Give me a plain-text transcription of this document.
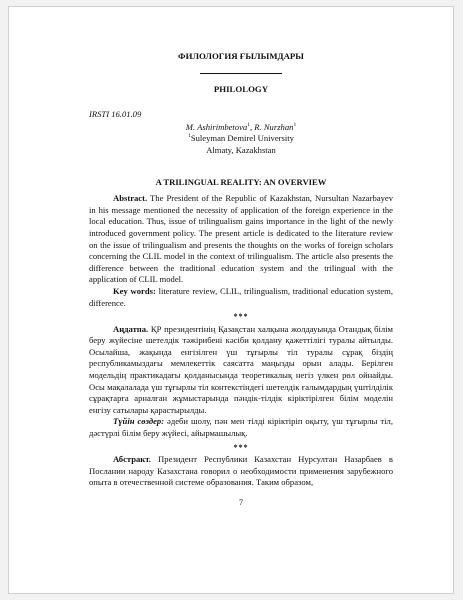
ФИЛОЛОГИЯ ҒЫЛЫМДАРЫ
PHILOLOGY
IRSTI 16.01.09
M. Ashirimbetova$^1$, R. Nurzhan$^1$
$^1$Suleyman Demirel University
Almaty, Kazakhstan
A TRILINGUAL REALITY: AN OVERVIEW

Abstract. The President of the Republic of Kazakhstan, Nursultan Nazarbayev in his message mentioned the necessity of application of the foreign experience in the local education. Thus, issue of trilingualism gains importance in the light of the newly introduced government policy. The present article is dedicated to the literature review on the issue of trilingualism and presents the thoughts on the works of foreign scholars concerning the CLIL model in the context of trilingualism. The article also presents the difference between the traditional education system and the trilingual with the application of CLIL model.

Key words: literature review, CLIL, trilingualism, traditional education system, difference.

***

Аңдатпа. ҚР президентінің Қазақстан халқына жолдауында Отандық білім беру жүйесіне шетелдік тәжірибені кәсіби қолдану қажеттілігі туралы айтылды. Осылайша, жақында енгізілген үш тұғырлы тіл туралы сұрақ біздің республикамыздағы мемлекеттік саясатта маңызды орын алады. Берілген модельдің практикадағы қолданысында теоретикалық негіз үлкен рөл ойнайды. Осы мақалалада үш тұғырлы тіл контекстіндегі шетелдік ғалымдардың үштілділік сұрақтарға арналған жұмыстарында пәндік-тілдік кіріктірілген білім моделін енгізу сатылары қарастырылды.

Түйін сөздер: әдеби шолу, пән мен тілді кіріктіріп оқыту, үш тұғырлы тіл, дәстүрлі білім беру жүйесі, айырмашылық.

***

Абстракт. Президент Республики Казахстан Нурсултан Назарбаев в Послании народу Казахстана говорил о необходимости применения зарубежного опыта в отечественной системе образования. Таким образом,

7
